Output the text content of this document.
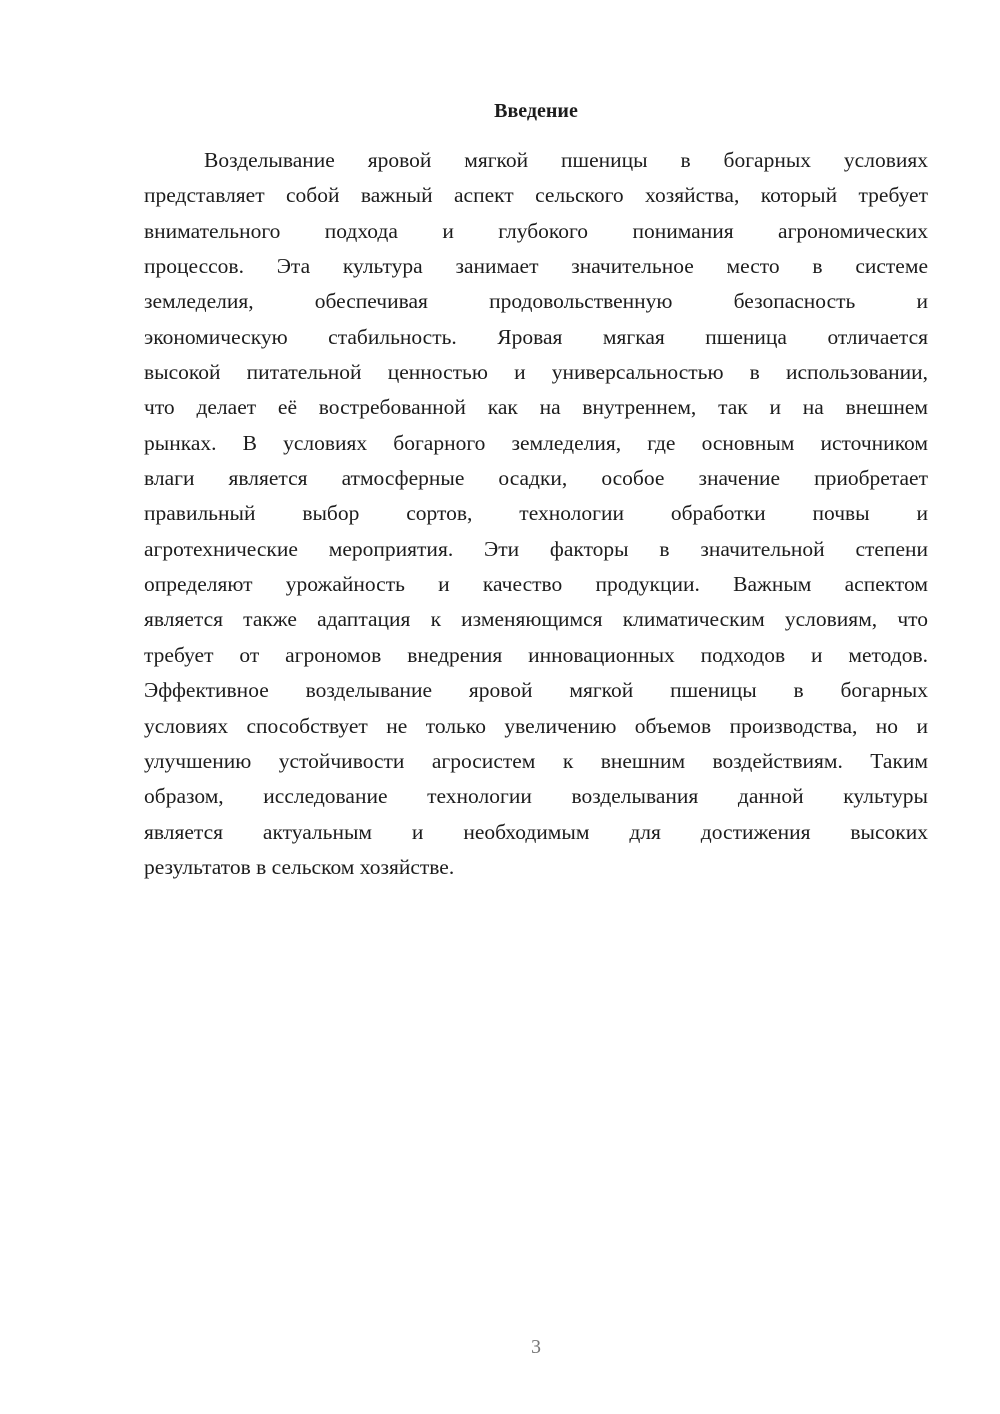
Введение
Возделывание яровой мягкой пшеницы в богарных условиях
представляет собой важный аспект сельского хозяйства, который требует
внимательного подхода и глубокого понимания агрономических
процессов. Эта культура занимает значительное место в системе
земледелия, обеспечивая продовольственную безопасность и
экономическую стабильность. Яровая мягкая пшеница отличается
высокой питательной ценностью и универсальностью в использовании,
что делает её востребованной как на внутреннем, так и на внешнем
рынках. В условиях богарного земледелия, где основным источником
влаги является атмосферные осадки, особое значение приобретает
правильный выбор сортов, технологии обработки почвы и
агротехнические мероприятия. Эти факторы в значительной степени
определяют урожайность и качество продукции. Важным аспектом
является также адаптация к изменяющимся климатическим условиям, что
требует от агрономов внедрения инновационных подходов и методов.
Эффективное возделывание яровой мягкой пшеницы в богарных
условиях способствует не только увеличению объемов производства, но и
улучшению устойчивости агросистем к внешним воздействиям. Таким
образом, исследование технологии возделывания данной культуры
является актуальным и необходимым для достижения высоких
результатов в сельском хозяйстве.
3
